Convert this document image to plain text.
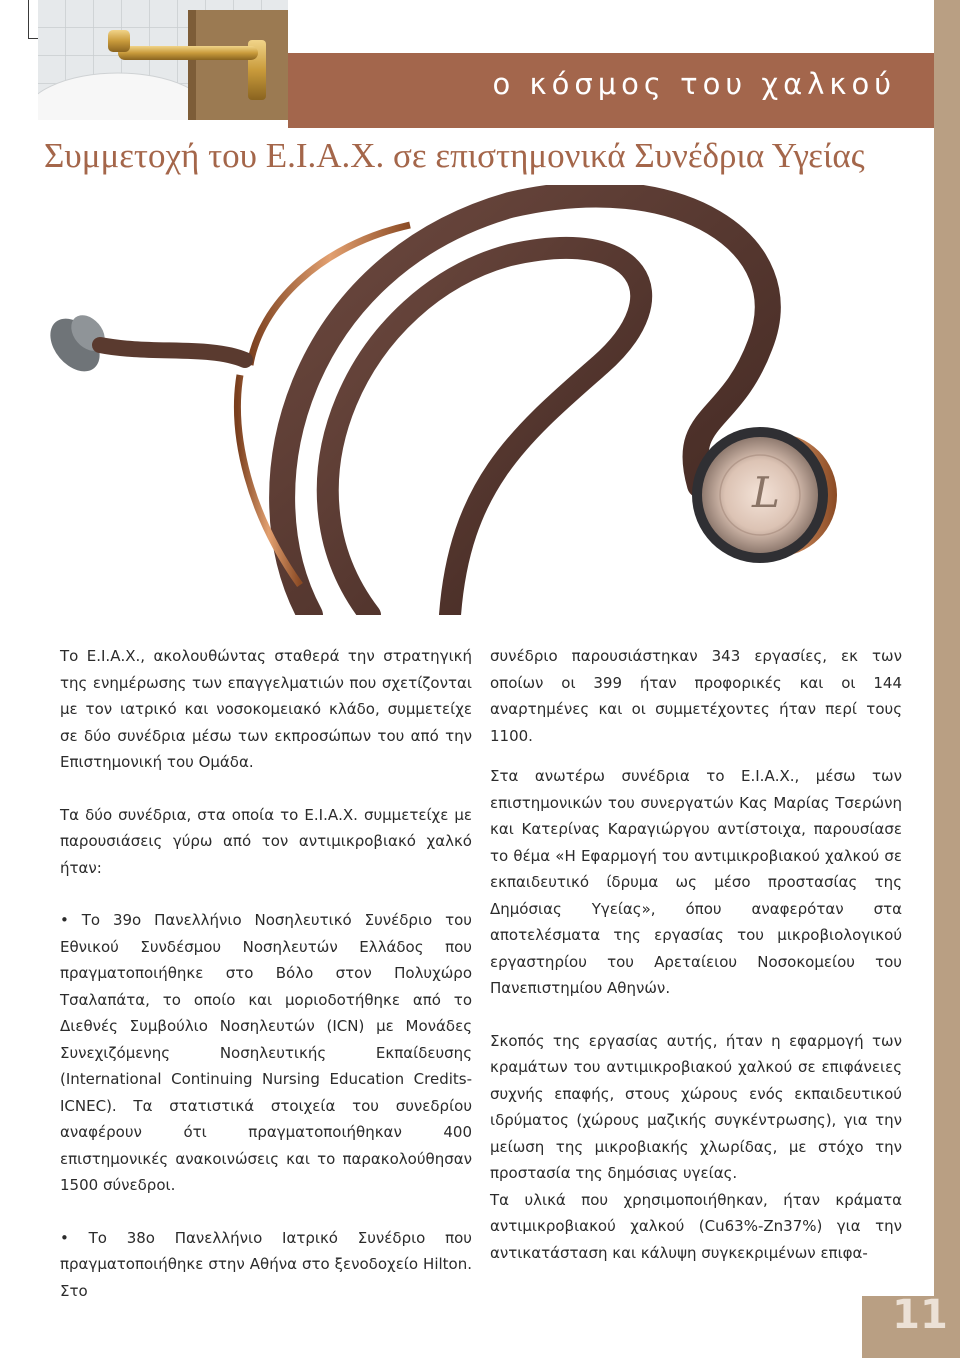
11
ο κόσμος του χαλκού
Συμμετοχή του Ε.Ι.Α.Χ. σε επιστημονικά Συνέδρια Υγείας
L

Το Ε.Ι.Α.Χ., ακολουθώντας σταθερά την στρατηγική της ενημέρωσης των επαγγελματιών που σχετίζονται με τον ιατρικό και νοσοκομειακό κλάδο, συμμετείχε σε δύο συνέδρια μέσω των εκπροσώπων του από την Επιστημονική του Ομάδα.

Τα δύο συνέδρια, στα οποία το Ε.Ι.Α.Χ. συμμετείχε με παρουσιάσεις γύρω από τον αντιμικροβιακό χαλκό ήταν:

• Το 39ο Πανελλήνιο Νοσηλευτικό Συνέδριο του Εθνικού Συνδέσμου Νοσηλευτών Ελλάδος που πραγματοποιήθηκε στο Βόλο στον Πολυχώρο Τσαλαπάτα, το οποίο και μοριοδοτήθηκε από το Διεθνές Συμβούλιο Νοσηλευτών (ICN) με Μονάδες Συνεχιζόμενης Νοσηλευτικής Εκπαίδευσης (International Continuing Nursing Education Credits-ICNEC). Τα στατιστικά στοιχεία του συνεδρίου αναφέρουν ότι πραγματοποιήθηκαν 400 επιστημονικές ανακοινώσεις και το παρακολούθησαν 1500 σύνεδροι.

• Το 38ο Πανελλήνιο Ιατρικό Συνέδριο που πραγματοποιήθηκε στην Αθήνα στο ξενοδοχείο Hilton. Στο

συνέδριο παρουσιάστηκαν 343 εργασίες, εκ των οποίων οι 399 ήταν προφορικές και οι 144 αναρτημένες και οι συμμετέχοντες ήταν περί τους 1100.

Στα ανωτέρω συνέδρια το Ε.Ι.Α.Χ., μέσω των επιστημονικών του συνεργατών Κας Μαρίας Τσερώνη και Κατερίνας Καραγιώργου αντίστοιχα, παρουσίασε το θέμα «Η Εφαρμογή του αντιμικροβιακού χαλκού σε εκπαιδευτικό ίδρυμα ως μέσο προστασίας της Δημόσιας Υγείας», όπου αναφερόταν στα αποτελέσματα της εργασίας του μικροβιολογικού εργαστηρίου του Αρεταίειου Νοσοκομείου του Πανεπιστημίου Αθηνών.

Σκοπός της εργασίας αυτής, ήταν η εφαρμογή των κραμάτων του αντιμικροβιακού χαλκού σε επιφάνειες συχνής επαφής, στους χώρους ενός εκπαιδευτικού ιδρύματος (χώρους μαζικής συγκέντρωσης), για την μείωση της μικροβιακής χλωρίδας, με στόχο την προστασία της δημόσιας υγείας.

Τα υλικά που χρησιμοποιήθηκαν, ήταν κράματα αντιμικροβιακού χαλκού (Cu63%-Zn37%) για την αντικατάσταση και κάλυψη συγκεκριμένων επιφα-
